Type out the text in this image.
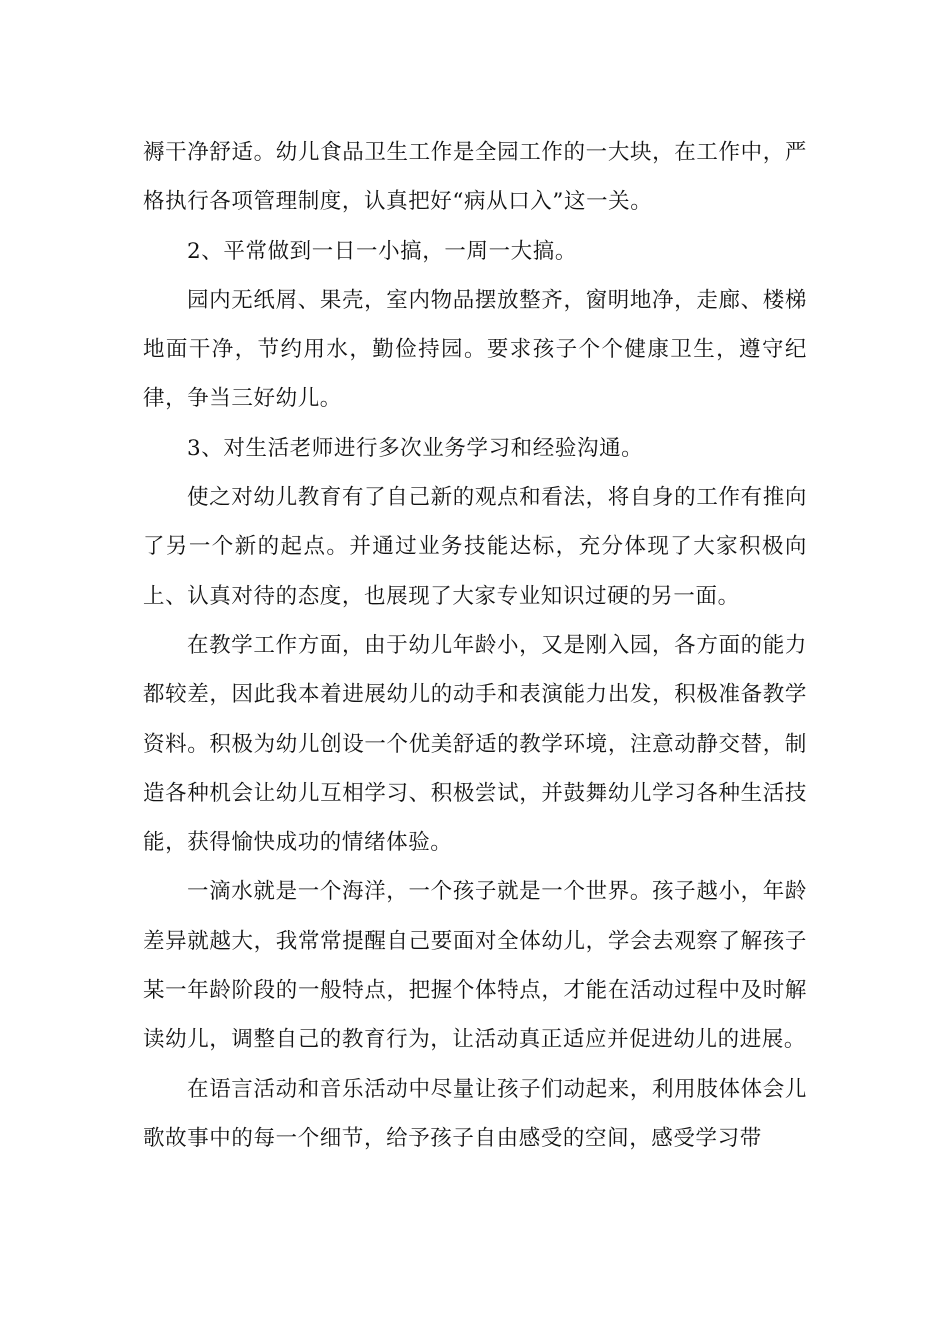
褥干净舒适。幼儿食品卫生工作是全园工作的一大块，在工作中，严格执行各项管理制度，认真把好“病从口入”这一关。

2、平常做到一日一小搞，一周一大搞。

园内无纸屑、果壳，室内物品摆放整齐，窗明地净，走廊、楼梯地面干净，节约用水，勤俭持园。要求孩子个个健康卫生，遵守纪律，争当三好幼儿。

3、对生活老师进行多次业务学习和经验沟通。

使之对幼儿教育有了自己新的观点和看法，将自身的工作有推向了另一个新的起点。并通过业务技能达标，充分体现了大家积极向上、认真对待的态度，也展现了大家专业知识过硬的另一面。

在教学工作方面，由于幼儿年龄小，又是刚入园，各方面的能力都较差，因此我本着进展幼儿的动手和表演能力出发，积极准备教学资料。积极为幼儿创设一个优美舒适的教学环境，注意动静交替，制造各种机会让幼儿互相学习、积极尝试，并鼓舞幼儿学习各种生活技能，获得愉快成功的情绪体验。

一滴水就是一个海洋，一个孩子就是一个世界。孩子越小，年龄差异就越大，我常常提醒自己要面对全体幼儿，学会去观察了解孩子某一年龄阶段的一般特点，把握个体特点，才能在活动过程中及时解读幼儿，调整自己的教育行为，让活动真正适应并促进幼儿的进展。

在语言活动和音乐活动中尽量让孩子们动起来，利用肢体体会儿歌故事中的每一个细节，给予孩子自由感受的空间，感受学习带
